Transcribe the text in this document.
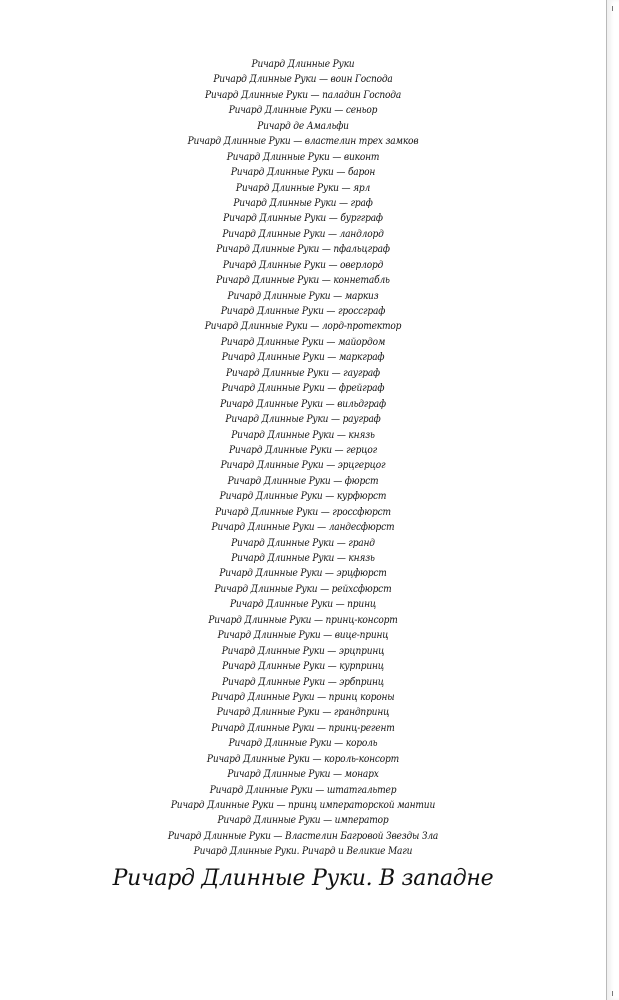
Ричард Длинные Руки
Ричард Длинные Руки — воин Господа
Ричард Длинные Руки — паладин Господа
Ричард Длинные Руки — сеньор
Ричард де Амальфи
Ричард Длинные Руки — властелин трех замков
Ричард Длинные Руки — виконт
Ричард Длинные Руки — барон
Ричард Длинные Руки — ярл
Ричард Длинные Руки — граф
Ричард Длинные Руки — бургграф
Ричард Длинные Руки — ландлорд
Ричард Длинные Руки — пфальцграф
Ричард Длинные Руки — оверлорд
Ричард Длинные Руки — коннетабль
Ричард Длинные Руки — маркиз
Ричард Длинные Руки — гроссграф
Ричард Длинные Руки — лорд-протектор
Ричард Длинные Руки — майордом
Ричард Длинные Руки — маркграф
Ричард Длинные Руки — гауграф
Ричард Длинные Руки — фрейграф
Ричард Длинные Руки — вильдграф
Ричард Длинные Руки — рауграф
Ричард Длинные Руки — князь
Ричард Длинные Руки — герцог
Ричард Длинные Руки — эрцгерцог
Ричард Длинные Руки — фюрст
Ричард Длинные Руки — курфюрст
Ричард Длинные Руки — гроссфюрст
Ричард Длинные Руки — ландесфюрст
Ричард Длинные Руки — гранд
Ричард Длинные Руки — князь
Ричард Длинные Руки — эрцфюрст
Ричард Длинные Руки — рейхсфюрст
Ричард Длинные Руки — принц
Ричард Длинные Руки — принц-консорт
Ричард Длинные Руки — вице-принц
Ричард Длинные Руки — эрцпринц
Ричард Длинные Руки — курпринц
Ричард Длинные Руки — эрбпринц
Ричард Длинные Руки — принц короны
Ричард Длинные Руки — грандпринц
Ричард Длинные Руки — принц-регент
Ричард Длинные Руки — король
Ричард Длинные Руки — король-консорт
Ричард Длинные Руки — монарх
Ричард Длинные Руки — штатгальтер
Ричард Длинные Руки — принц императорской мантии
Ричард Длинные Руки — император
Ричард Длинные Руки — Властелин Багровой Звезды Зла
Ричард Длинные Руки. Ричард и Великие Маги
Ричард Длинные Руки. В западне
